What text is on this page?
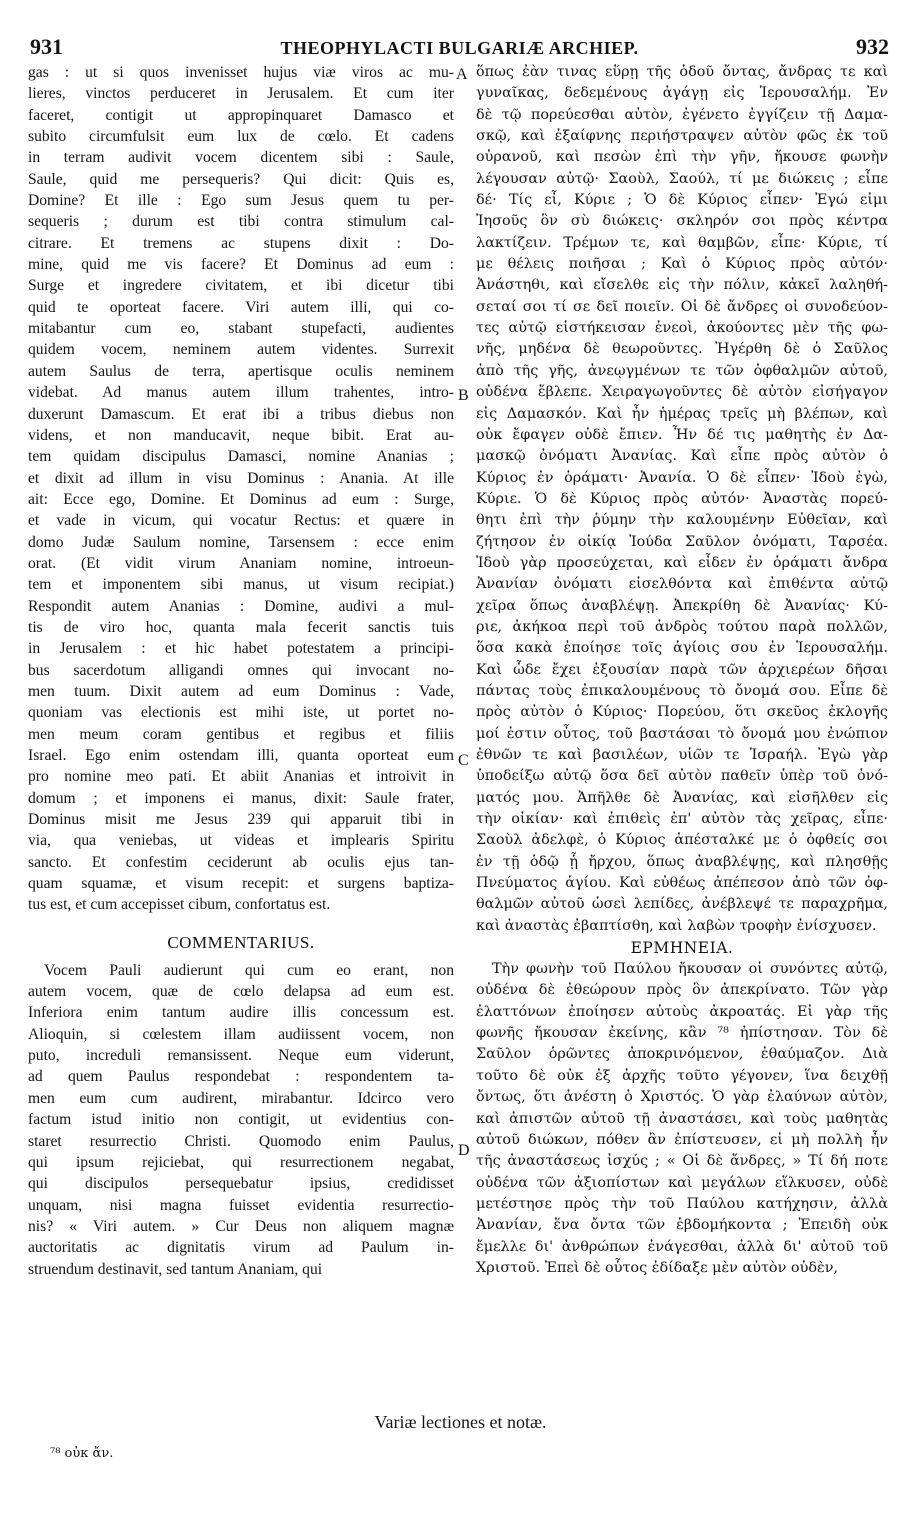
931	THEOPHYLACTI BULGARIÆ ARCHIEP.	932
A
B
C
D
gas : ut si quos invenisset hujus viæ viros ac mu-
lieres, vinctos perduceret in Jerusalem. Et cum iter
faceret, contigit ut appropinquaret Damasco et
subito circumfulsit eum lux de cœlo. Et cadens
in terram audivit vocem dicentem sibi : Saule,
Saule, quid me persequeris? Qui dicit: Quis es,
Domine? Et ille : Ego sum Jesus quem tu per-
sequeris ; durum est tibi contra stimulum cal-
citrare. Et tremens ac stupens dixit : Do-
mine, quid me vis facere? Et Dominus ad eum :
Surge et ingredere civitatem, et ibi dicetur tibi
quid te oporteat facere. Viri autem illi, qui co-
mitabantur cum eo, stabant stupefacti, audientes
quidem vocem, neminem autem videntes. Surrexit
autem Saulus de terra, apertisque oculis neminem
videbat. Ad manus autem illum trahentes, intro-
duxerunt Damascum. Et erat ibi a tribus diebus non
videns, et non manducavit, neque bibit. Erat au-
tem quidam discipulus Damasci, nomine Ananias ;
et dixit ad illum in visu Dominus : Anania. At ille
ait: Ecce ego, Domine. Et Dominus ad eum : Surge,
et vade in vicum, qui vocatur Rectus: et quære in
domo Judæ Saulum nomine, Tarsensem : ecce enim
orat. (Et vidit virum Ananiam nomine, introeun-
tem et imponentem sibi manus, ut visum recipiat.)
Respondit autem Ananias : Domine, audivi a mul-
tis de viro hoc, quanta mala fecerit sanctis tuis
in Jerusalem : et hic habet potestatem a principi-
bus sacerdotum alligandi omnes qui invocant no-
men tuum. Dixit autem ad eum Dominus : Vade,
quoniam vas electionis est mihi iste, ut portet no-
men meum coram gentibus et regibus et filiis
Israel. Ego enim ostendam illi, quanta oporteat eum
pro nomine meo pati. Et abiit Ananias et introivit in
domum ; et imponens ei manus, dixit: Saule frater,
Dominus misit me Jesus 239 qui apparuit tibi in
via, qua veniebas, ut videas et implearis Spiritu
sancto. Et confestim ceciderunt ab oculis ejus tan-
quam squamæ, et visum recepit: et surgens baptiza-
tus est, et cum accepisset cibum, confortatus est.
COMMENTARIUS.
Vocem Pauli audierunt qui cum eo erant, non
autem vocem, quæ de cœlo delapsa ad eum est.
Inferiora enim tantum audire illis concessum est.
Alioquin, si cœlestem illam audiissent vocem, non
puto, increduli remansissent. Neque eum viderunt,
ad quem Paulus respondebat : respondentem ta-
men eum cum audirent, mirabantur. Idcirco vero
factum istud initio non contigit, ut evidentius con-
staret resurrectio Christi. Quomodo enim Paulus,
qui ipsum rejiciebat, qui resurrectionem negabat,
qui discipulos persequebatur ipsius, credidisset
unquam, nisi magna fuisset evidentia resurrectio-
nis? « Viri autem. » Cur Deus non aliquem magnæ
auctoritatis ac dignitatis virum ad Paulum in-
struendum destinavit, sed tantum Ananiam, qui
ὅπως ἐὰν τινας εὕρῃ τῆς ὁδοῦ ὄντας, ἄνδρας τε καὶ
γυναῖκας, δεδεμένους ἀγάγῃ εἰς Ἱερουσαλήμ. Ἐν
δὲ τῷ πορεύεσθαι αὐτὸν, ἐγένετο ἐγγίζειν τῇ Δαμα-
σκῷ, καὶ ἐξαίφνης περιήστραψεν αὐτὸν φῶς ἐκ τοῦ
οὐρανοῦ, καὶ πεσὼν ἐπὶ τὴν γῆν, ἤκουσε φωνὴν
λέγουσαν αὐτῷ· Σαοὺλ, Σαούλ, τί με διώκεις ; εἶπε
δέ· Τίς εἶ, Κύριε ; Ὁ δὲ Κύριος εἶπεν· Ἐγώ εἰμι
Ἰησοῦς ὃν σὺ διώκεις· σκληρόν σοι πρὸς κέντρα
λακτίζειν. Τρέμων τε, καὶ θαμβῶν, εἶπε· Κύριε, τί
με θέλεις ποιῆσαι ; Καὶ ὁ Κύριος πρὸς αὐτόν·
Ἀνάστηθι, καὶ εἴσελθε εἰς τὴν πόλιν, κἀκεῖ λαληθή-
σεταί σοι τί σε δεῖ ποιεῖν. Οἱ δὲ ἄνδρες οἱ συνοδεύον-
τες αὐτῷ εἱστήκεισαν ἐνεοὶ, ἀκούοντες μὲν τῆς φω-
νῆς, μηδένα δὲ θεωροῦντες. Ἠγέρθη δὲ ὁ Σαῦλος
ἀπὸ τῆς γῆς, ἀνεῳγμένων τε τῶν ὀφθαλμῶν αὐτοῦ,
οὐδένα ἔβλεπε. Χειραγωγοῦντες δὲ αὐτὸν εἰσήγαγον
εἰς Δαμασκόν. Καὶ ἦν ἡμέρας τρεῖς μὴ βλέπων, καὶ
οὐκ ἔφαγεν οὐδὲ ἔπιεν. Ἦν δέ τις μαθητὴς ἐν Δα-
μασκῷ ὀνόματι Ἀνανίας. Καὶ εἶπε πρὸς αὐτὸν ὁ
Κύριος ἐν ὁράματι· Ἀνανία. Ὁ δὲ εἶπεν· Ἰδοὺ ἐγὼ,
Κύριε. Ὁ δὲ Κύριος πρὸς αὐτόν· Ἀναστὰς πορεύ-
θητι ἐπὶ τὴν ῥύμην τὴν καλουμένην Εὐθεῖαν, καὶ
ζήτησον ἐν οἰκίᾳ Ἰούδα Σαῦλον ὀνόματι, Ταρσέα.
Ἰδοὺ γὰρ προσεύχεται, καὶ εἶδεν ἐν ὁράματι ἄνδρα
Ἀνανίαν ὀνόματι εἰσελθόντα καὶ ἐπιθέντα αὐτῷ
χεῖρα ὅπως ἀναβλέψῃ. Ἀπεκρίθη δὲ Ἀνανίας· Κύ-
ριε, ἀκήκοα περὶ τοῦ ἀνδρὸς τούτου παρὰ πολλῶν,
ὅσα κακὰ ἐποίησε τοῖς ἁγίοις σου ἐν Ἱερουσαλήμ.
Καὶ ὧδε ἔχει ἐξουσίαν παρὰ τῶν ἀρχιερέων δῆσαι
πάντας τοὺς ἐπικαλουμένους τὸ ὄνομά σου. Εἶπε δὲ
πρὸς αὐτὸν ὁ Κύριος· Πορεύου, ὅτι σκεῦος ἐκλογῆς
μοί ἐστιν οὗτος, τοῦ βαστάσαι τὸ ὄνομά μου ἐνώπιον
ἐθνῶν τε καὶ βασιλέων, υἱῶν τε Ἰσραήλ. Ἐγὼ γὰρ
ὑποδείξω αὐτῷ ὅσα δεῖ αὐτὸν παθεῖν ὑπὲρ τοῦ ὀνό-
ματός μου. Ἀπῆλθε δὲ Ἀνανίας, καὶ εἰσῆλθεν εἰς
τὴν οἰκίαν· καὶ ἐπιθεὶς ἐπ' αὐτὸν τὰς χεῖρας, εἶπε·
Σαοὺλ ἀδελφὲ, ὁ Κύριος ἀπέσταλκέ με ὁ ὀφθείς σοι
ἐν τῇ ὁδῷ ᾗ ἤρχου, ὅπως ἀναβλέψῃς, καὶ πλησθῇς
Πνεύματος ἁγίου. Καὶ εὐθέως ἀπέπεσον ἀπὸ τῶν ὀφ-
θαλμῶν αὐτοῦ ὡσεὶ λεπίδες, ἀνέβλεψέ τε παραχρῆμα,
καὶ ἀναστὰς ἐβαπτίσθη, καὶ λαβὼν τροφὴν ἐνίσχυσεν.
ΕΡΜΗΝΕΙΑ.
Τὴν φωνὴν τοῦ Παύλου ἤκουσαν οἱ συνόντες αὐτῷ,
οὐδένα δὲ ἐθεώρουν πρὸς ὃν ἀπεκρίνατο. Τῶν γὰρ
ἐλαττόνων ἐποίησεν αὐτοὺς ἀκροατάς. Εἰ γὰρ τῆς
φωνῆς ἤκουσαν ἐκείνης, κἂν ⁷⁸ ἠπίστησαν. Τὸν δὲ
Σαῦλον ὁρῶντες ἀποκρινόμενον, ἐθαύμαζον. Διὰ
τοῦτο δὲ οὐκ ἐξ ἀρχῆς τοῦτο γέγονεν, ἵνα δειχθῇ
ὄντως, ὅτι ἀνέστη ὁ Χριστός. Ὁ γὰρ ἐλαύνων αὐτὸν,
καὶ ἀπιστῶν αὐτοῦ τῇ ἀναστάσει, καὶ τοὺς μαθητὰς
αὐτοῦ διώκων, πόθεν ἂν ἐπίστευσεν, εἰ μὴ πολλὴ ἦν
τῆς ἀναστάσεως ἰσχύς ; « Οἱ δὲ ἄνδρες, » Τί δή ποτε
οὐδένα τῶν ἀξιοπίστων καὶ μεγάλων εἵλκυσεν, οὐδὲ
μετέστησε πρὸς τὴν τοῦ Παύλου κατήχησιν, ἀλλὰ
Ἀνανίαν, ἕνα ὄντα τῶν ἑβδομήκοντα ; Ἐπειδὴ οὐκ
ἔμελλε δι' ἀνθρώπων ἐνάγεσθαι, ἀλλὰ δι' αὐτοῦ τοῦ
Χριστοῦ. Ἐπεὶ δὲ οὗτος ἐδίδαξε μὲν αὐτὸν οὐδὲν,
Variæ lectiones et notæ.
⁷⁸ οὐκ ἄν.
